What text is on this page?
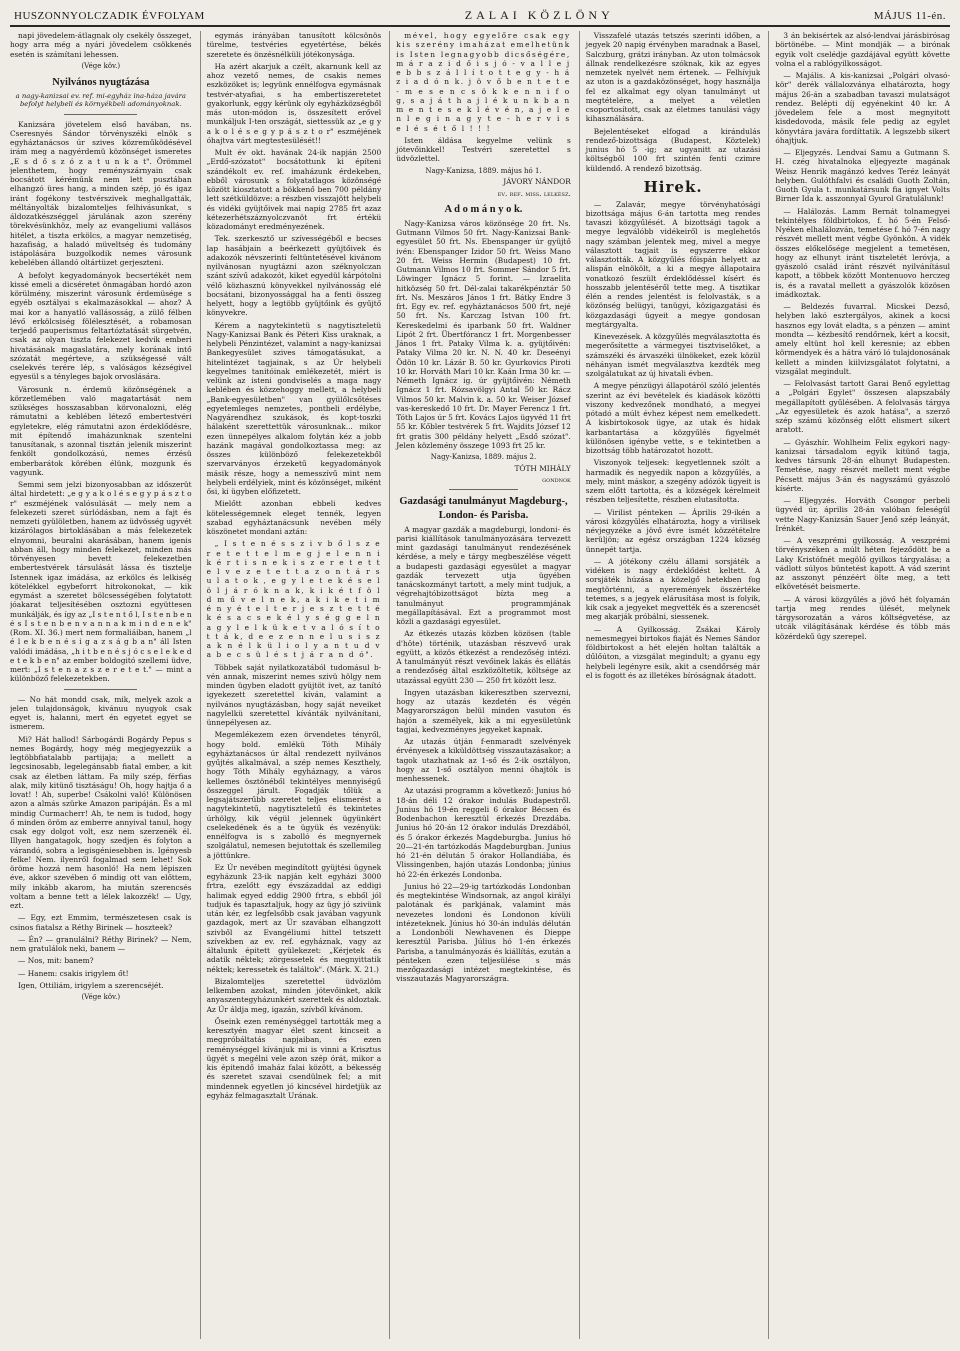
HUSZONNYOLCZADIK ÉVFOLYAM	ZALAI KÖZLÖNY	MÁJUS 11-én.

napi jövedelem-átlagnak oly csekély összeget, hogy arra még a nyári jövedelem csökkenés esetén is számítani lehessen.

(Vége köv.)
Nyilvános nyugtázása
a nagy-kanizsai ev. ref. mi-egyház ina-háza javára befolyt helybeli és környékbeli adományoknak.

Kanizsára jövetelem első havában, ns. Cseresnyés Sándor törvényszéki elnök s egyháztanácsos úr szives közreműködésével irám meg a nagyérdemü közönséget ismeretes „E s d ő s z ó z a t u n k a t". Örömmel jelenthetem, hogy reményszárnyain csak bocsátott kéréműnk nem lett pusztában elhangzó üres hang, a minden szép, jó és igaz iránt fogékony testvérszivek meghallgatták, méltányolták bizalomteljes felhivásunkat, s áldozatkészséggel járulának azon szerény törekvésünkhöz, mely az evangeliumi vallásos hitélet, a tiszta erkölcs, a magyar nemzetiség, hazafiság, a haladó müveltség és tudomány istápolására buzgolkodik nemes városunk kebelében állandó oltártüzet gerjeszteni.

A befolyt kegyadományok becsertékét nem kissé emeli a dicséretet önmagában hordó azon körülmény, miszerint városunk érdemüsége s egyéb osztályai s ekalmazásokkal — ahoz? A mai kor a hanyatló vallásosság, a zülő félben lévő erkölcsiség fölélesztését, a robamosan terjedő pauperismus feltartóztatását sürgetvén, csak az olyan tiszta felekezet kedvik emberi hivatásának magaslatára, mely korának intő szózatát megérteve, a szükségessé vált cselekvés terére lép, s valóságos kézségivel egyesül s a tényleges bajok orvoslására.

Városunk n. érdemü közönségének a körzetlemében való magatartását nem szükséges hosszasabban körvonalozni, elég rámutatni a keblében létező embertestvéri egyletekre, elég rámutatni azon érdeklődésre, mit építendő imaházunknak szentelni tanusítanak, s azonnal tisztán jelenik miszerint fenkölt gondolkozású, nemes érzésü emberbarátok körében élünk, mozgunk és vagyunk.

Semmi sem jelzi bizonyosabban az időszerüt által hirdetett: „e g y a k o l é s e g y p á s z t o r" eszméjének valósulását — mely nem a felekezeti szeret súrlódásban, nem a fajt és nemzeti gyülöletben, hanem az üdvösség ugyvét kizárólagos birtoklásában a más felekezetek elnyomni, beuralni akarásában, hanem igenis abban áll, hogy minden felekezet, minden más törvényesen bevett felekezetben embertestvérek társulását lássa és tisztelje Istennek igaz imádása, az erkölcs és lelkiség kötelékkel egybeforrt hitrokonokat, — kik egymást a szeretet bölcsességében folytatott jóakarat teljesítésében osztozni együttesen munkálják, és így az „I s t e n t ő l, I s t e n b e n é s I s t e n b e n v a n n a k m i n d e n e k" (Rom. XI. 36.) mert nem formaliáiban, hanem „l é l e k b e n é s i g a z s á g b a n" áll Isten valódi imádása, „h i t b e n é s j ó c s e l e k e d e t e k b e n" az ember boldogitó szellemi üdve, mert: „I s t e n a z s z e r e t e t." — mint a különböző felekezetekben.

— No hát mondd csak, mik, melyek azok a jelen tulajdonságok, kivánuu nyugyok csak egyet is, halanni, mert én egyetet egyet se ismerem.

Mi? Hát hallod! Sárbogárdi Bogárdy Pepus s nemes Bogárdy, hogy még megjegyezzük a legtöbbfiatalabb partijaja; a mellett a legcsinosabb, legelegánsabb fiatal ember, a kit csak az életben láttam. Fa mily szép, férfias alak, mily kitünő tisztáságu! Oh, hogy hajtja ő a lovat! ! Ah, superbe! Csákolni való! Különösen azon a almás szürke Amazon paripáján. És a ml mindig Curmacherr! Ah, te nem is tudod, hogy ő minden öröm az emberre annyival tanul, hogy csak egy dolgot volt, esz nem szerzenék él. Illyen hangatagok, hogy szedjen és folyton a várandó, sobra a legisgéniesebben is. Igényesb felke! Nem. ilyenről fogalmad sem lehet! Sok öröme hozzá nem hasonló! Ha nem lépiszen éve, akkor szevében ő mindig ott van előttem, mily inkább akarom, ha miután szerencsés voltam a benne tett a lélek lakozzék! — Ugy, ezt.

— Egy, ezt Emmim, természetesen csak is csinos fiatalsz a Réthy Birinek — hoszteek?

— Én? — granulálni? Réthy Birinek? — Nem, nem gratulálok neki, banem —

— Nos, mit: banem?

— Hanem: csakis irigylem őt!

Igen, Ottiliám, irigylem a szerencséjét.

(Vége köv.)

egymás irányában tanusított kölcsönös türelme, testvéries egyetértése, békés szeretete és önzésnélküli jótékonysága.

Ha azért akarjuk a czélt, akarnunk kell az ahoz vezető nemes, de csakis nemes eszközöket is; legyünk ennélfogva egymásnak testvér-atyafiai, s ha embertiszeretetet gyakorlunk, eggy kérünk oly egyházközségből más uton-módon is, összesített erővel munkáljuk I-ten országát, siettessük az „e g y a k o l é s e g y p á s z t o r" eszméjének óhajtva várt megtestesülését!!

Mult év okt. havának 24-ik napján 2500 „Erdő-szózatot" bocsátottunk ki építeni szándékolt ev. ref. imaházunk érdekeben, ebből városunk s folyatatlagos közönségé között kiosztatott a bökkenő ben 700 példány lett szétküldözve: a részben visszajött helybeli és vidéki gyüjtőivek mai napig 2785 frt azaz kétezerhétszáznyolczvanöt frt értékü közadományt eredményezének.

Tek. szerkesztő ur szívességéből e becses lap hasábjain a beérkezett gyüjtőivek és adakozók névszerinti feltüntetésével kivánom nyilvánosan nyugtázni azon széknyolczan szánt szívű adakozót, kiket egyedül kárpótolni vélő közhasznú könyvekkel nyilvánosság elé bocsátani, bizonyossággal ha a fenti összeg helyett, hogy a legtöbb gyüjtőink és gyűjtő könyvekre.

Kérem a nagytekintetü s nagytiszteletü Nagy-Kanizsai Bank és Péteri Kiss uraknak, a helybeli Pénzintézet, valamint a nagy-kanizsai Bankegyesület szives támogatásukat, a hitelintézet tagjainak, s az Úr helybeli kegyelmes tanitóinak emlékezetét, miért is velünk az isteni gondviselés a maga nagy keblében és közzehoggy mellett, a helybeli „Bank-egyesületben" van gyülőlcsőtéses egyetemleges nemzetes, pontbeli erdélybe, Nagyárendhez szukások, és kopt-toszki hálaként szerettettük városunknak... mikor ezen ünnepélyes alkalom folytán kéz a jobb hazánk magával gondolkoztassa meg: az összes különböző felekezetekből szervarványos érzeketű kegyadományok másik része, hogy a nemesszívű mint nem helybeli erdélyiek, mint és közönséget, miként ősi, ki ügyben előfizetett.

Mielőtt azonban ebbeli kedves kötelességemnek eleget tennék, legyen szabad egyháztanácsunk nevében mély köszönetet mondani aztán:

„ I s t e n é s s z i v b ő l s z e r e t e t t e l m e g j e l e n n i k é r t i s n e k i s z e r e t e t t e l v e z e t e t t a z o n t á r s u l a t o k , e g y l e t e k é s e l ö l j á r ó k n a k, k i k é t f ö l d m ű v e l n e k, a k i k e t i m é n y é t e l t e r j e s z t e t t é k é s a c s e k é l y s é g g e l n a g y l e l k ü k e t v a l ó s í t o t t á k, d e e z e n n e l u s i s z a k n é l k ü l i o l y a n t u d v a b e c s ü l é s t j á r a n d ó".

Többek saját nyilatkozatából tudomásul b-vén annak, miszerint nemes szivü hölgy nem minden ügyben eladott gyüjtöt ivet, az tanító igyekezett szeretettel kíván, valamint a nyilvános nyugtázásban, hogy saját neveiket nagylelkü szeretettel kívánták nyilvánítani, ünnepélyesen az.

Megemlékezem ezen örvendetes tényről, hogy bold. emlékü Tóth Mihály egyháztanácsos úr által rendezett nyilvános gyűjtés alkalmával, a szép nemes Keszthely, hogy Tóth Mihály egyháznagy, a város kellemes ösztönéből tekintélyes mennyiségű összeggel járult. Fogadják tőlük a legsajátszerűbb szeretet teljes elismerést a nagytekintetű, nagytiszteletű és tekintetes úrhölgy, kik végül jelennek ügyünkért cselekedének és a te ügyük és vezényük: ennélfogva is s zabolló és megnyernek szolgálatul, nemesen bejutottak és szellemileg a jöttünkre.

Ez Úr nevében megindított gyüjtési ügynek egyházunk 23-ik napján kelt egyházi 3000 frtra, ezelőtt egy évszázaddal az eddigi halimak egyed eddig 2900 frtra, s ebből jól tudjuk és tapasztaljuk, hogy az ügy jó szivünk után kér, ez legfelsőbb csak javában vagyunk gazdagok, mert az Úr szavában elhangzott szivből az Evangéliumi hittel tetszett szívekben az ev. ref. egyháznak, vagy az általunk épitett gyülekezet: „Kérjetek és adatik néktek; zörgessetek és megnyittatik néktek; keressetek és találtok". (Márk. X. 21.)

Bizalomteljes szeretettel üdvözlöm lelkemben azokat, minden jótevőinket, akik anyaszentegyházunkért szerettek és aldoztak. Az Úr áldja meg, igazán, szívből kívánom.

Őseink ezen reménységgel tartották meg a keresztyén magyar élet szent kincseit a megpróbáltatás napjaiban, és ezen reménységgel kívánjuk mi is vinni a Krisztus ügyét s megélni vele azon szép órát, mikor a kis épitendő imaház falai között, a békesség és szeretet szavai csendülnek fel; a mit mindennek egyetlen jó kincsével hirdetjük az egyház felmagasztalt Urának.

mével, hogy egyelőre csak egy kis szerény imaházat emelhetünk is Isten legnagyobb dicsőségére, m á r a z i d ő i s j ó - v a l l e j e b b s z á l l í t o t t e g y - h á z i a d ó n k. j ö v ő b e n t e t e - m e s e n c s ö k k e n n i f o g, s a j á t h a j l é k u n k b a n m e n t e s e k l é v é n, a j e l e n l e g i n a g y t e - h e r v i s e l é s é t ő l ! ! !

Isten áldása kegyelme velünk s jótevőinkkel! Testvéri szeretettel s üdvözlettel.

Nagy-Kanizsa, 1889. május hó 1.
JÁVORY NÁNDOR
ev. ref. miss. lelkész.
A d o m á n y o k.

Nagy-Kanizsa város közönsége 20 frt. Ns. Gutmann Vilmos 50 frt. Nagy-Kanizsai Bank-egyesület 50 frt. Ns. Ebenspanger úr gyüjtő ivén: Ebenspanger Izidor 50 frt. Weiss Mano 20 frt. Weiss Hermin (Budapest) 10 frt. Gutmann Vilmos 10 frt. Sommer Sándor 5 frt. Löwinger Ignácz 5 forint. — Izraelita hitközség 50 frt. Dél-zalai takarékpénztár 50 frt. Ns. Meszáros János 1 frt. Bátky Endre 3 frt. Egy ev. ref. egyháztanácsos 500 frt, nejé 50 frt. Ns. Karczag Istvan 100 frt. Kereskedelmi és iparbank 50 frt. Waldner Lipót 2 frt. Übertfórancz 1 frt. Morgenbesser János 1 frt. Pataky Vilma k. a. gyüjtőivén: Pataky Vilma 20 kr. N. N. 40 kr. Deseényi Ödön 10 kr. Lázár B. 50 kr. Gyurkovics Piroti 10 kr. Horváth Mari 10 kr. Kaán Irma 30 kr. — Németh Ignácz ig. úr gyüjtőivén: Németh Ignácz 1 frt. Rózsavölgyi Antal 50 kr. Rácz Vilmos 50 kr. Malvin k. a. 50 kr. Weiser József vas-kereskedő 10 frt. Dr. Mayer Ferencz 1 frt. Tóth Lajos úr 5 frt. Kovács Lajos ügyvéd 11 frt 55 kr. Kőbler testvérek 5 frt. Wajdits József 12 frt gratis 300 példány helyett „Esdő szózat". Jelen közlemény összege 1093 frt 25 kr.

Nagy-Kanizsa, 1889. május 2.
TÓTH MIHÁLY
gondnok
Gazdasági tanulmányut Magdeburg-, London- és Parisba.

A magyar gazdák a magdeburgi, londoni- és parisi kiállítások tanulmányozására tervezett mint gazdasági tanulmányut rendezésének kérdése, a mely e tárgy megbeszélése végett a budapesti gazdasági egyesület a magyar gazdák tervezett utja ügyében tanácskozmányt tartott, a mely mint tudjuk, a végrehajtóbizottságot bízta meg a tanulmányut programmjának megállapításával. Ezt a programmot most közli a gazdasági egyesület.

Az étkezés utazás közben közösen (table d'hôte) történik, utazásban részvevő urak együtt, a közös étkezést a rendezőség intézi. A tanulmányút részt vevőinek lakás és ellátás a rendezőség által eszközöltetik, költsége az utazással együtt 230 — 250 frt között lesz.

Ingyen utazásban kikeresztben szervezni, hogy az utazás kezdetén és végén Magyarországon belül minden vasuton és hajón a személyek, kik a mi egyesületünk tagjai, kedvezményes jegyeket kapnak.

Az utazás útján f-enmaradt szelvények érvényesek a kiküldöttség visszautazásakor; a tagok utazhatnak az 1-ső és 2-ik osztályon, hogy az 1-ső osztályon menni óhajtók is menhessenek.

Az utazási programm a következő: Junius hó 18-án déli 12 órakor indulás Budapestről. Junius hó 19-én reggeli 6 órakor Bécsen és Bodenbachon keresztül érkezés Drezdába. Junius hó 20-án 12 órakor indulás Drezdából, és 5 órakor érkezés Magdeburgba. Junius hó 20—21-én tartózkodás Magdeburgban. Junius hó 21-én délután 5 órakor Hollandiába, és Vlissingenben, hajón utazás Londonba; június hó 22-én érkezés Londonba.

Junius hó 22—29-ig tartózkodás Londonban és megtekintése Windsornak, az angol királyi palotának és parkjának, valamint más nevezetes londoni és Londonon kívüli intézeteknek. Június hó 30-án indulás délután a Londonbóli Newhavenen és Dieppe keresztül Parisba. Július hó 1-én érkezés Parisba, a tanulmányozás és kiállítás, ezután a pénteken ezen teljesülése s más mezőgazdasági intézet megtekintése, és visszautazás Magyarországra.

Visszafelé utazás tetszés szerinti időben, a jegyek 20 napig érvényben maradnak a Basel, Salczburg, grátzi irányban. Az uton tolmácsok állnak rendelkezésre szóknak, kik az egyes nemzetek nyelvét nem értenek. — Felhívjuk az uton is a gazdaközönséget, hogy használja fel ez alkalmat egy olyan tanulmányt ut megtételére, a melyet a véletlen csoportosított, csak az életmes tanulási vágy kihasználására.

Bejelentéseket elfogad a kirándulás rendező-bizottsága (Budapest, Köztelek) junius hó 5 -ig; az ugyanitt az utazási költségből 100 frt szintén fenti czimre küldendő. A rendező bizottság.

Hirek.

— Zalavár, megye törvényhatósági bizottsága május 6-án tartotta meg rendes tavaszi közgyűlését. A bizottsági tagok a megye legválóbb vidékeiről is meglehetős nagy számban jelentek meg, mivel a megye választott tagjait is egyszerre ekkor választották. A közgyűlés főispán helyett az alispán elnökölt, a ki a megye állapotaira vonatkozó feszült érdeklődéssel kísért és hosszabb jelentéséről tette meg. A tisztikar élén a rendes jelentést is felolvasták, s a közönség belügyi, tanügyi, közigazgatási és közgazdasági ügyeit a megye gondosan megtárgyalta.

Kinevezések. A közgyűlés megválasztotta és megerősítette a vármegyei tisztviselőket, a számszéki és árvaszéki ülnökeket, ezek közül néhányan ismét megválasztva kezdték meg szolgálatukat az új hivatali évben.

A megye pénzügyi állapotáról szóló jelentés szerint az évi bevételek és kiadások közötti viszony kedvezőnek mondható, a megyei pótadó a múlt évhez képest nem emelkedett. A kisbirtokosok ügye, az utak és hidak karbantartása a közgyűlés figyelmét különösen igénybe vette, s e tekintetben a bizottság több határozatot hozott.

Viszonyok teljesek: kegyetlennek szólt a harmadik és negyedik napon a közgyűlés, a mely, mint máskor, a szegény adózók ügyeit is szem előtt tartotta, és a községek kérelmeit részben teljesítette, részben elutasította.

— Virilist pénteken — Április 29-ikén a városi közgyűlés elhatározta, hogy a virilisek névjegyzéke a jövő évre ismét közzétételre kerüljön; az egész országban 1224 község ünnepét tartja.

— A jótékony czélu állami sorsjáték a vidéken is nagy érdeklődést keltett. A sorsjáték húzása a közelgő hetekben fog megtörténni, a nyeremények összértéke tetemes, s a jegyek elárusítása most is folyik, kik csak a jegyeket megvették és a szerencsét meg akarják próbálni, siessenek.

— A Gyilkosság. Zsákai Károly nemesmegyei birtokos fiaját és Nemes Sándor földbirtokost a hét elején holtan találták a dűlőúton, a vizsgálat megindult; a gyanu egy helybeli legényre esik, akit a csendőrség már el is fogott és az illetékes bíróságnak átadott.

3 án bekisértek az alsó-lendvai járásbirósag börtönébe. — Mint mondják — a birónak egyik volt cselédje gazdájával együtt követte volna el a rablógyilkosságot.

— Majális. A kis-kanizsai „Polgári olvasó-kör" derék vállalozványa elhatározta, hogy május 26-án a szabadban tavaszi mulatságot rendez. Belépti díj egyénekint 40 kr. A jövedelem fele a most megnyitott kisdedovoda, másik fele pedig az egylet könyvtára javára fordíttatik. A legszebb sikert óhajtjuk.

— Eljegyzés. Lendvai Samu a Gutmann S. H. czég hivatalnoka eljegyezte magának Weisz Henrik magánzó kedves Teréz leányát helyben. Gulóthfalvi és családi Guoth Zoltán, Guoth Gyula t. munkatársunk fia ignyet Volts Birner Ida k. asszonnyal Gyurol Gratulálunk!

— Halálozás. Lamm Bernát tolnamegyei tekintélyes földbirtokos, f. hó 5-én Felső-Nyéken elhalálozván, temetése f. hó 7-én nagy részvét mellett ment végbe Gyönkön. A vidék összes előkelősége megjelent a temetésen, hogy az elhunyt iránt tiszteletét leróvja, a gyászoló család iránt részvét nyilvánításul kapott, a többek között Montenuovo herczeg is, és a ravatal mellett a gyászolók közösen imádkoztak.

— Beldezés fuvarral. Micskei Dezső, helyben lakó esztergályos, akinek a kocsi hasznos egy lovát eladta, s a pénzen — amint mondta — kézbesítő rendőrnek, kért a kocsit, amely eltünt hol kell keresnie; az ebben körmendyek és a hátra váró ló tulajdonosának kellett a minden kiilvizsgálatot folytatni, a vizsgálat megindult.

— Felolvasást tartott Garai Benő egylettag a „Polgári Egylet" összesen alapszabály megállapított gyűlésében. A felolvasás tárgya „Az egyesületek és azok hatása", a szerző szép számú közönség előtt elismert sikert aratott.

— Gyászhír. Wohlheim Felix egykori nagy-kanizsai társadalom egyik kitünő tagja, kedves társunk 28-án elhunyt Budapesten. Temetése, nagy részvét mellett ment végbe Pécsett május 3-án és nagyszámú gyászoló kísérte.

— Eljegyzés. Horváth Csongor perbeli ügyvéd úr, április 28-án valóban feleségül vette Nagy-Kanizsán Sauer Jenő szép leányát, Irénkét.

— A veszprémi gyilkosság. A veszprémi törvényszéken a múlt héten fejeződött be a Laky Kristófnét megölő gyilkos tárgyalása; a vádlott súlyos büntetést kapott. A vád szerint az asszonyt pénzéért ölte meg, a tett elkövetését beismerte.

— A városi közgyűlés a jövő hét folyamán tartja meg rendes ülését, melynek tárgysorozatán a város költségvetése, az utcák világításának kérdése és több más közérdekű ügy szerepel.
